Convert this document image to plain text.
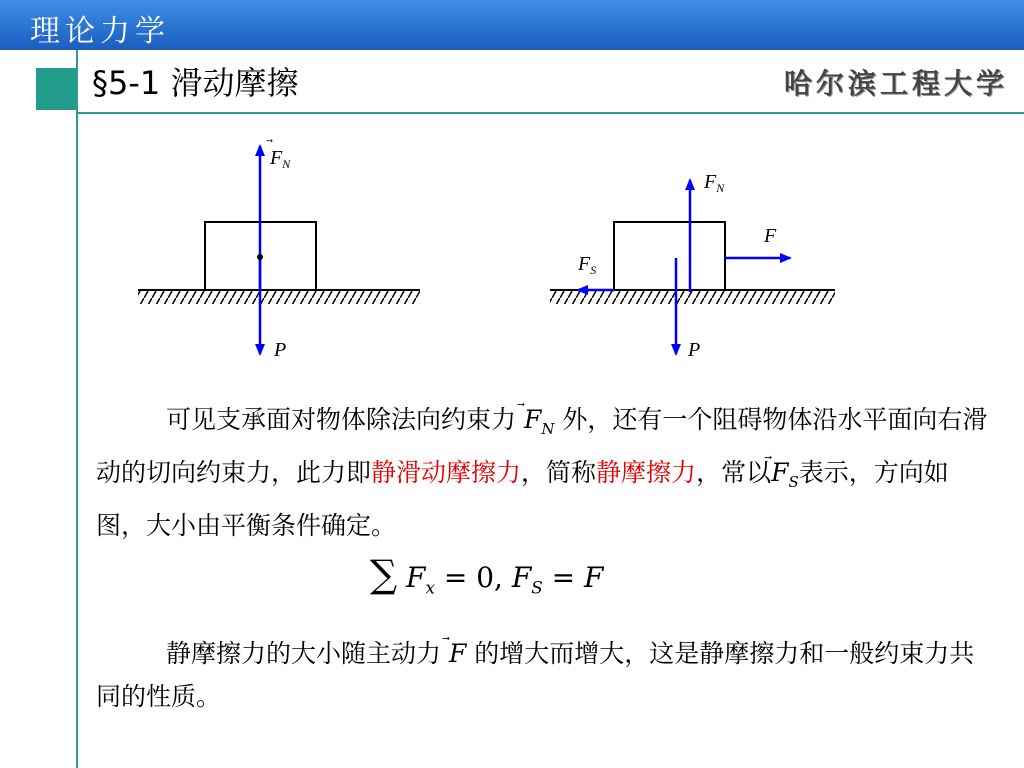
理论力学
§5-1 滑动摩擦	哈尔滨工程大学
$F_N$
P
$F_N$
F
$F_S$
P
可见支承面对物体除法向约束力 $F_N$ 外，还有一个阻碍物体沿水平面向右滑动的切向约束力，此力即静滑动摩擦力，简称静摩擦力，常以
$F_S$表示，方向如图，大小由平衡条件确定。
∑ $F_x = 0$, $F_S = F$
静摩擦力的大小随主动力 F 的增大而增大，这是静摩擦力和一般约束力共同的性质。
